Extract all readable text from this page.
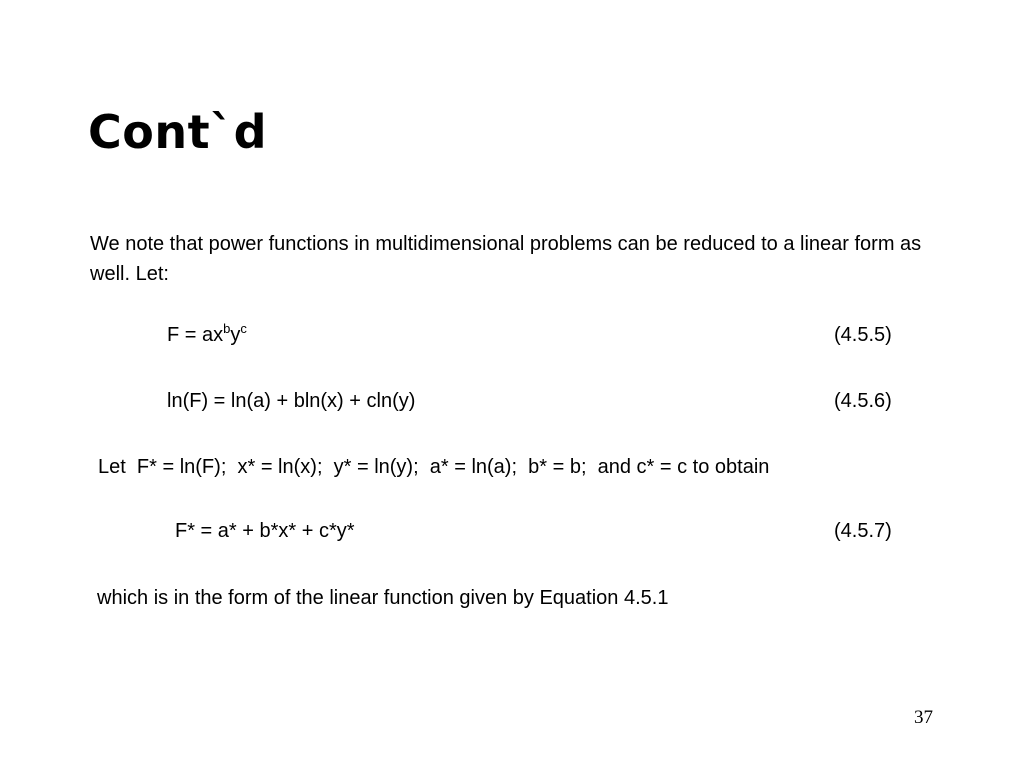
Cont`d
We note that power functions in multidimensional problems can be reduced to a linear form as well. Let:
$F = ax^by^c$	(4.5.5)
ln(F) = ln(a) + bln(x) + cln(y)	(4.5.6)
Let  F* = ln(F);  x* = ln(x);  y* = ln(y);  a* = ln(a);  b* = b;  and c* = c to obtain
F* = a* + b*x* + c*y*	(4.5.7)
which is in the form of the linear function given by Equation 4.5.1
37
